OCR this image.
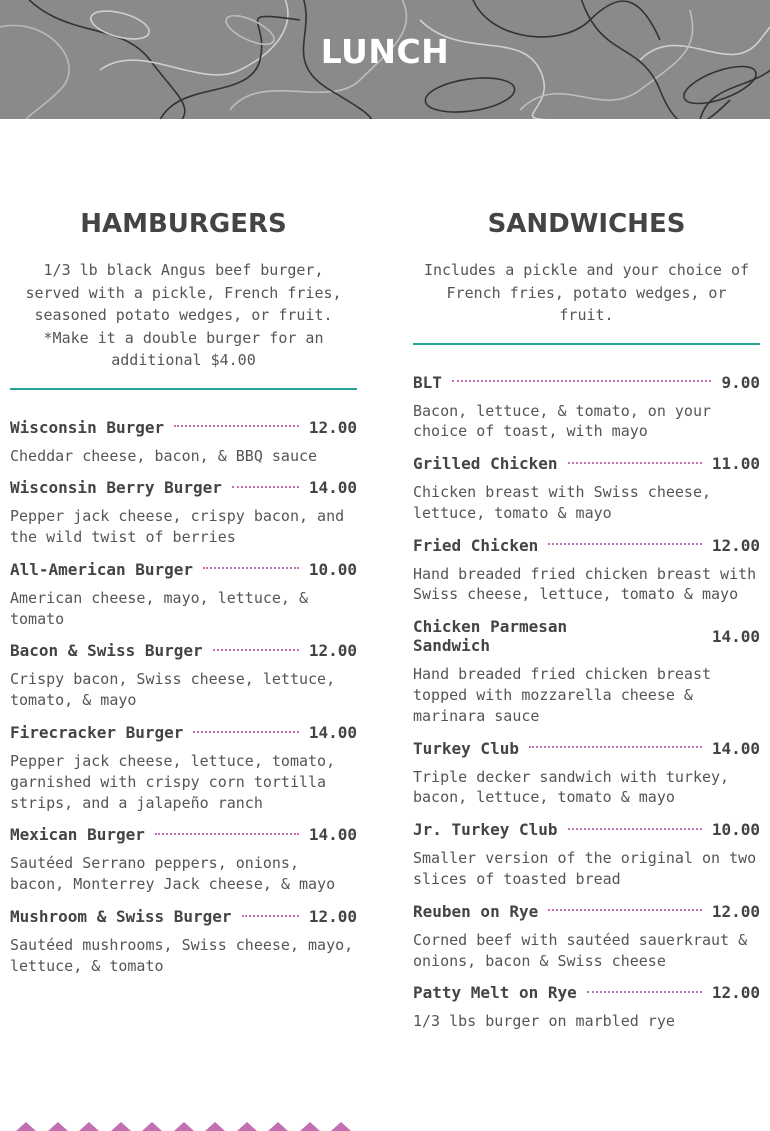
LUNCH
HAMBURGERS
1/3 lb black Angus beef burger, served with a pickle, French fries, seasoned potato wedges, or fruit.
*Make it a double burger for an additional $4.00
Wisconsin Burger	12.00
Cheddar cheese, bacon, & BBQ sauce
Wisconsin Berry Burger	14.00
Pepper jack cheese, crispy bacon, and the wild twist of berries
All-American Burger	10.00
American cheese, mayo, lettuce, & tomato
Bacon & Swiss Burger	12.00
Crispy bacon, Swiss cheese, lettuce, tomato, & mayo
Firecracker Burger	14.00
Pepper jack cheese, lettuce, tomato, garnished with crispy corn tortilla strips, and a jalapeño ranch
Mexican Burger	14.00
Sautéed Serrano peppers, onions, bacon, Monterrey Jack cheese, & mayo
Mushroom & Swiss Burger	12.00
Sautéed mushrooms, Swiss cheese, mayo, lettuce, & tomato
SANDWICHES
Includes a pickle and your choice of French fries, potato wedges, or fruit.
BLT	9.00
Bacon, lettuce, & tomato, on your choice of toast, with mayo
Grilled Chicken	11.00
Chicken breast with Swiss cheese, lettuce, tomato & mayo
Fried Chicken	12.00
Hand breaded fried chicken breast with Swiss cheese, lettuce, tomato & mayo
Chicken Parmesan Sandwich	14.00
Hand breaded fried chicken breast topped with mozzarella cheese & marinara sauce
Turkey Club	14.00
Triple decker sandwich with turkey, bacon, lettuce, tomato & mayo
Jr. Turkey Club	10.00
Smaller version of the original on two slices of toasted bread
Reuben on Rye	12.00
Corned beef with sautéed sauerkraut & onions, bacon & Swiss cheese
Patty Melt on Rye	12.00
1/3 lbs burger on marbled rye
